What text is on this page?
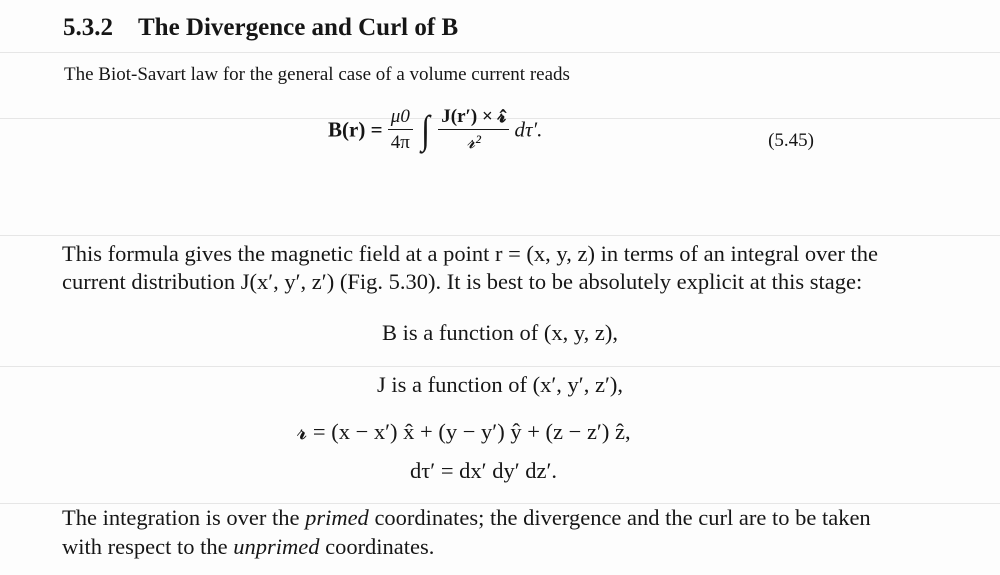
5.3.2 The Divergence and Curl of B
The Biot-Savart law for the general case of a volume current reads
$B(r) = \frac{\mu 0}{4\pi}$ ∫ $\frac{\text{J(r′) × 𝓻̂}}{\text{𝓻²}} d\tau'$.	(5.45)
This formula gives the magnetic field at a point r = (x, y, z) in terms of an integral over the
current distribution J(x′, y′, z′) (Fig. 5.30). It is best to be absolutely explicit at this stage:
B is a function of (x, y, z),
J is a function of (x′, y′, z′),
𝓻 = (x − x′) x̂ + (y − y′) ŷ + (z − z′) ẑ,
dτ′ = dx′ dy′ dz′.
The integration is over the primed coordinates; the divergence and the curl are to be taken
with respect to the unprimed coordinates.
